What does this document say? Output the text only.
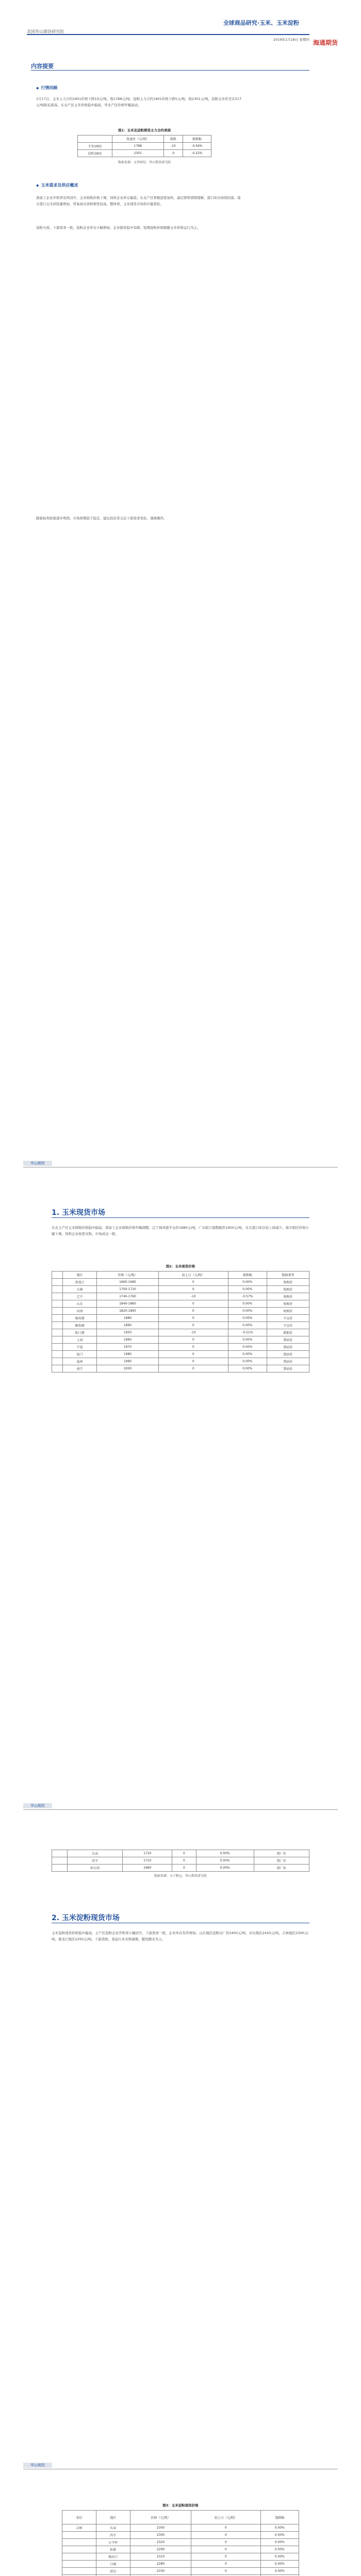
全球商品研究·玉米、玉米淀粉
美国华山期货研究院
2019年1月18日 星期四 海通期货
内容提要
◆ 行情回顾
1月17日，玉米主力合约1901价格下跌10元/吨，收1788元/吨；淀粉主力合约1901价格下跌5元/吨，收2301元/吨，淀粉玉米价差在517元/吨附近震荡。东北产区玉米价格稳中偏弱，华北产区价格窄幅波动。
图1：玉米及淀粉期货主力合约表现
	收盘价（元/吨）	涨跌	涨跌幅
玉米1901	1788	-10	-0.56%
淀粉1901	2301	-5	-0.22%
数据来源：文华财经，华山期货研究院
◆ 玉米需求及供应概述
深加工企业开机率有所回升，玉米收购价格下调，饲料企业库存偏低；东北产区售粮进度加快，基层惜售情绪缓解，港口库存持续回落。南方港口玉米到货量增加，贸易商出货积极性较高。整体看，玉米现货市场供应偏宽松。
淀粉方面，下游需求一般，淀粉企业库存小幅增加，企业报价稳中有降，短期淀粉价格跟随玉米价格运行为主。
随着拍卖政策逐步明朗，市场预期趋于稳定，建议投资者关注下游需求变化，谨慎操作。
华山期货
1. 玉米现货市场
东北主产区玉米收购价格稳中偏弱，深加工企业收购价格窄幅调整。辽宁锦州港平仓价1880元/吨，广东蛇口港散船价1950元/吨，北方港口库存较上周减少。南方销区价格小幅下调，饲料企业按需采购，市场成交一般。
图2：玉米现货价格
	地区	价格（元/吨）	较上日（元/吨）	涨跌幅	数据类型
	黑龙江	1660-1680	0	0.00%	收购价
	吉林	1700-1720	0	0.00%	收购价
	辽宁	1740-1760	-10	-0.57%	收购价
	山东	1840-1860	0	0.00%	收购价
	河南	1820-1840	0	0.00%	收购价
	锦州港	1880	0	0.00%	平仓价
	鲅鱼圈	1890	0	0.00%	平仓价
	蛇口港	1950	-10	-0.51%	散船价
	上海	1960	0	0.00%	到站价
	宁波	1970	0	0.00%	到站价
	厦门	1980	0	0.00%	到站价
	福州	1990	0	0.00%	到站价
	南宁	2000	0	0.00%	到站价
华山期货
	长春	1720	0	0.00%	到厂价
	四平	1710	0	0.00%	到厂价
	哈尔滨	1680	0	0.00%	到厂价
数据来源：天下粮仓，华山期货研究院
2. 玉米淀粉现货市场
玉米淀粉现货价格稳中偏弱，主产区淀粉企业开机率小幅回升，下游需求一般，企业库存有所增加。山东地区淀粉出厂价2450元/吨，河北地区2420元/吨，吉林地区2300元/吨，黑龙江地区2250元/吨。下游造纸、食品行业采购谨慎，随用随采为主。
华山期货
图3：玉米淀粉现货价格
省份	地区	价格（元/吨）	较上日（元/吨）	涨跌幅
吉林	长春	2300	0	0.00%
	四平	2300	0	0.00%
	公主岭	2320	0	0.00%
	松原	2290	0	0.00%
	梅河口	2310	0	0.00%
	白城	2280	0	0.00%
	延边	2330	0	0.00%
